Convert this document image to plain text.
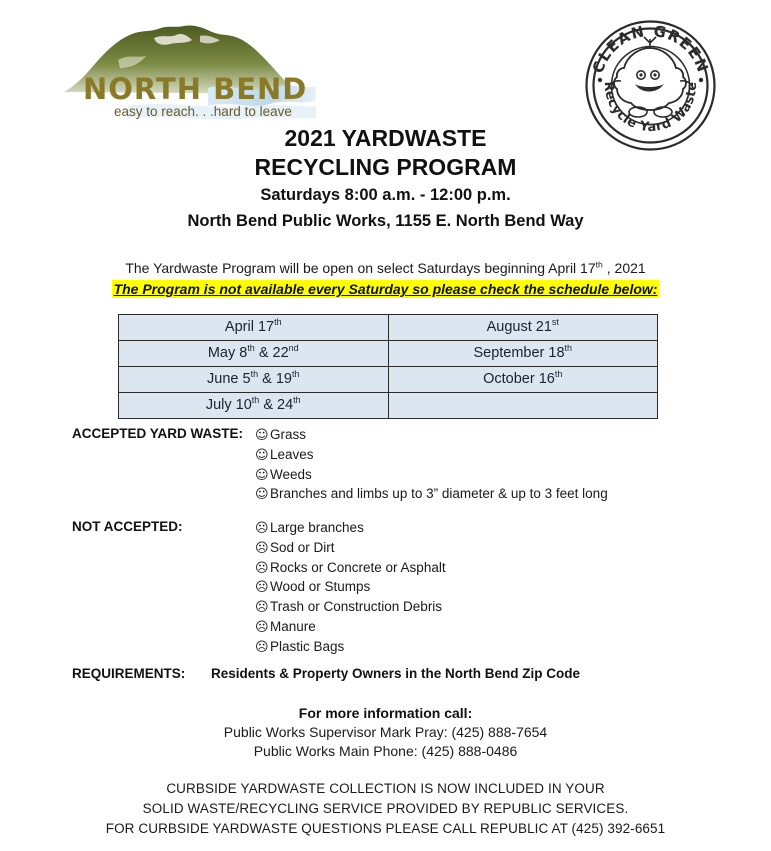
NORTH BEND
easy to reach. . .hard to leave
CLEAN GREEN
Recycle Yard Waste
2021 YARDWASTE
RECYCLING PROGRAM
Saturdays 8:00 a.m. - 12:00 p.m.
North Bend Public Works, 1155 E. North Bend Way
The Yardwaste Program will be open on select Saturdays beginning April 17th , 2021
The Program is not available every Saturday so please check the schedule below:
April 17th	August 21st
May 8th & 22nd	September 18th
June 5th & 19th	October 16th
July 10th & 24th	
ACCEPTED YARD WASTE: ☺Grass
☺Leaves
☺Weeds
☺Branches and limbs up to 3” diameter & up to 3 feet long
NOT ACCEPTED:	☹Large branches
☹Sod or Dirt
☹Rocks or Concrete or Asphalt
☹Wood or Stumps
☹Trash or Construction Debris
☹Manure
☹Plastic Bags
REQUIREMENTS: Residents & Property Owners in the North Bend Zip Code
For more information call:
Public Works Supervisor Mark Pray: (425) 888-7654
Public Works Main Phone: (425) 888-0486
CURBSIDE YARDWASTE COLLECTION IS NOW INCLUDED IN YOUR
SOLID WASTE/RECYCLING SERVICE PROVIDED BY REPUBLIC SERVICES.
FOR CURBSIDE YARDWASTE QUESTIONS PLEASE CALL REPUBLIC AT (425) 392-6651
